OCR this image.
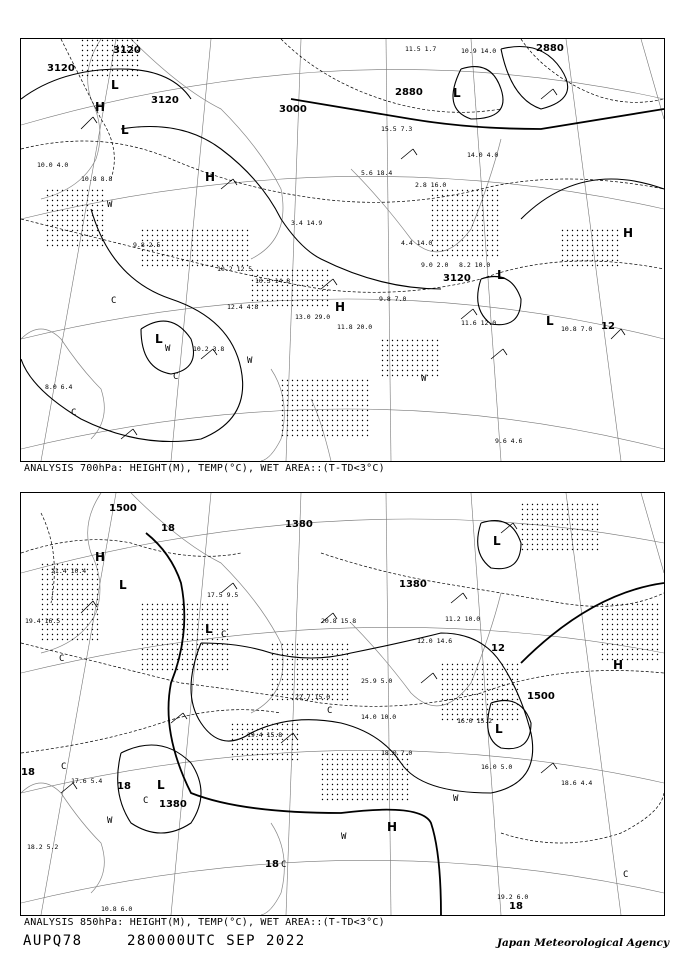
3120
3120
3120
3000
2880
2880
3120
12
L
H
L
H
L
L
H
L
H
L
W
W
C
C
C
W
W
10.0 4.0
10.8 8.8
9.8 2.5
12.4 4.8
10.2 12.5
10.3 14.8
13.0 29.0
11.8 20.0
9.8 7.0
11.6 12.0
10.8 7.0
9.6 4.6
3.4 14.9
5.6 18.4
2.8 16.0
4.4 14.0
9.0 2.0 8.2 10.0
14.0 4.0
11.5 1.7	10.9 14.0
15.5 7.3
10.2 3.8
8.0 6.4
ANALYSIS 700hPa: HEIGHT(M), TEMP(°C), WET AREA::(T-TD<3°C)
1500
1380
1380
1380
1500
12
18
18
18
18
18
H
L
H
L
L
L
L
H
C
C
C
C
W
W
W
C
C
C
21.4 10.4
19.4 16.5
17.5 9.5
22.7 15.0
20.8 15.8
25.9 5.0
18.0 7.0
16.0 5.0
18.6 4.4
19.2 6.0
10.8 6.0
17.6 5.4
11.2 10.0
12.0 14.6
14.0 10.0	16.0 15.2
18.2 5.2
19.4 15.8
ANALYSIS 850hPa: HEIGHT(M), TEMP(°C), WET AREA::(T-TD<3°C)
AUPQ78	280000UTC SEP 2022	Japan Meteorological Agency
